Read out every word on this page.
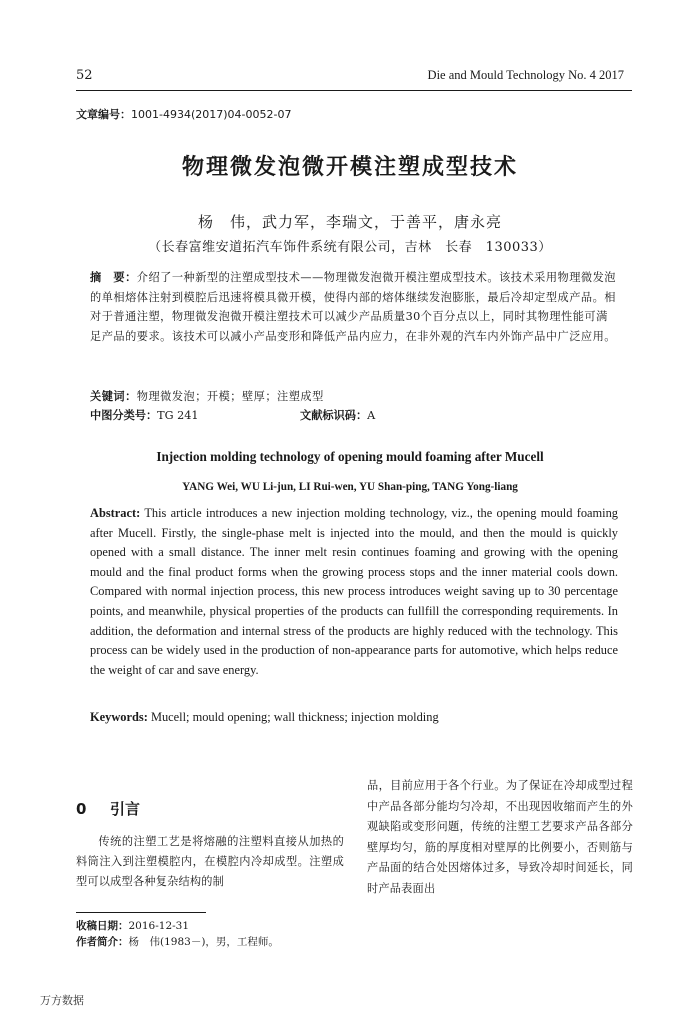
52	Die and Mould Technology No. 4 2017
文章编号：1001-4934(2017)04-0052-07
物理微发泡微开模注塑成型技术
杨　伟，武力军，李瑞文，于善平，唐永亮
（长春富维安道拓汽车饰件系统有限公司，吉林　长春　130033）
摘　要：介绍了一种新型的注塑成型技术——物理微发泡微开模注塑成型技术。该技术采用物理微发泡的单相熔体注射到模腔后迅速将模具微开模，使得内部的熔体继续发泡膨胀，最后冷却定型成产品。相对于普通注塑，物理微发泡微开模注塑技术可以减少产品质量30个百分点以上，同时其物理性能可满足产品的要求。该技术可以减小产品变形和降低产品内应力，在非外观的汽车内外饰产品中广泛应用。
关键词：物理微发泡；开模；壁厚；注塑成型
中图分类号：TG 241	文献标识码：A
Injection molding technology of opening mould foaming after Mucell
YANG Wei, WU Li-jun, LI Rui-wen, YU Shan-ping, TANG Yong-liang
Abstract: This article introduces a new injection molding technology, viz., the opening mould foaming after Mucell. Firstly, the single-phase melt is injected into the mould, and then the mould is quickly opened with a small distance. The inner melt resin continues foaming and growing with the opening mould and the final product forms when the growing process stops and the inner material cools down. Compared with normal injection process, this new process introduces weight saving up to 30 percentage points, and meanwhile, physical properties of the products can fullfill the corresponding requirements. In addition, the deformation and internal stress of the products are highly reduced with the technology. This process can be widely used in the production of non-appearance parts for automotive, which helps reduce the weight of car and save energy.
Keywords: Mucell; mould opening; wall thickness; injection molding
0 引言
传统的注塑工艺是将熔融的注塑料直接从加热的料筒注入到注塑模腔内，在模腔内冷却成型。注塑成型可以成型各种复杂结构的制
品，目前应用于各个行业。为了保证在冷却成型过程中产品各部分能均匀冷却，不出现因收缩而产生的外观缺陷或变形问题，传统的注塑工艺要求产品各部分壁厚均匀，筋的厚度相对壁厚的比例要小，否则筋与产品面的结合处因熔体过多，导致冷却时间延长，同时产品表面出
收稿日期：2016-12-31
作者简介：杨　伟(1983－)，男，工程师。
万方数据
